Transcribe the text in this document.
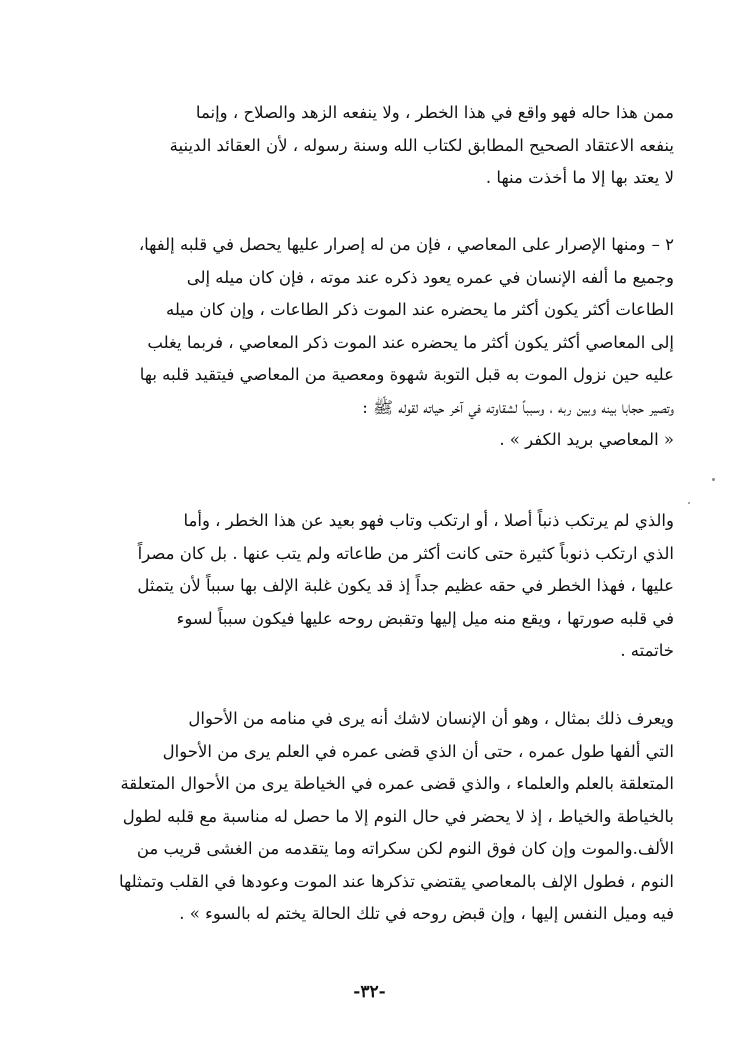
ممن هذا حاله فهو واقع في هذا الخطر ، ولا ينفعه الزهد والصلاح ، وإنما
ينفعه الاعتقاد الصحيح المطابق لكتاب الله وسنة رسوله ، لأن العقائد الدينية
لا يعتد بها إلا ما أخذت منها .

٢ –ومنها الإصرار على المعاصي ، فإن من له إصرار عليها يحصل في قلبه إلفها،
وجميع ما ألفه الإنسان في عمره يعود ذكره عند موته ، فإن كان ميله إلى
الطاعات أكثر يكون أكثر ما يحضره عند الموت ذكر الطاعات ، وإن كان ميله
إلى المعاصي أكثر يكون أكثر ما يحضره عند الموت ذكر المعاصي ، فربما يغلب
عليه حين نزول الموت به قبل التوبة شهوة ومعصية من المعاصي فيتقيد قلبه بها
وتصير حجابا بينه وبين ربه ، وسبباً لشقاوته في آخر حياته لقوله ﷺ :
« المعاصي بريد الكفر » .

والذي لم يرتكب ذنباً أصلا ، أو ارتكب وتاب فهو بعيد عن هذا الخطر ، وأما
الذي ارتكب ذنوباً كثيرة حتى كانت أكثر من طاعاته ولم يتب عنها . بل كان مصراً
عليها ، فهذا الخطر في حقه عظيم جداً إذ قد يكون غلبة الإلف بها سبباً لأن يتمثل
في قلبه صورتها ، ويقع منه ميل إليها وتقبض روحه عليها فيكون سبباً لسوء
خاتمته .

ويعرف ذلك بمثال ، وهو أن الإنسان لاشك أنه يرى في منامه من الأحوال
التي ألفها طول عمره ، حتى أن الذي قضى عمره في العلم يرى من الأحوال
المتعلقة بالعلم والعلماء ، والذي قضى عمره في الخياطة يرى من الأحوال المتعلقة
بالخياطة والخياط ، إذ لا يحضر في حال النوم إلا ما حصل له مناسبة مع قلبه لطول
الألف.والموت وإن كان فوق النوم لكن سكراته وما يتقدمه من الغشى قريب من
النوم ، فطول الإلف بالمعاصي يقتضي تذكرها عند الموت وعودها في القلب وتمثلها
فيه وميل النفس إليها ، وإن قبض روحه في تلك الحالة يختم له بالسوء » .

-٣٢-
